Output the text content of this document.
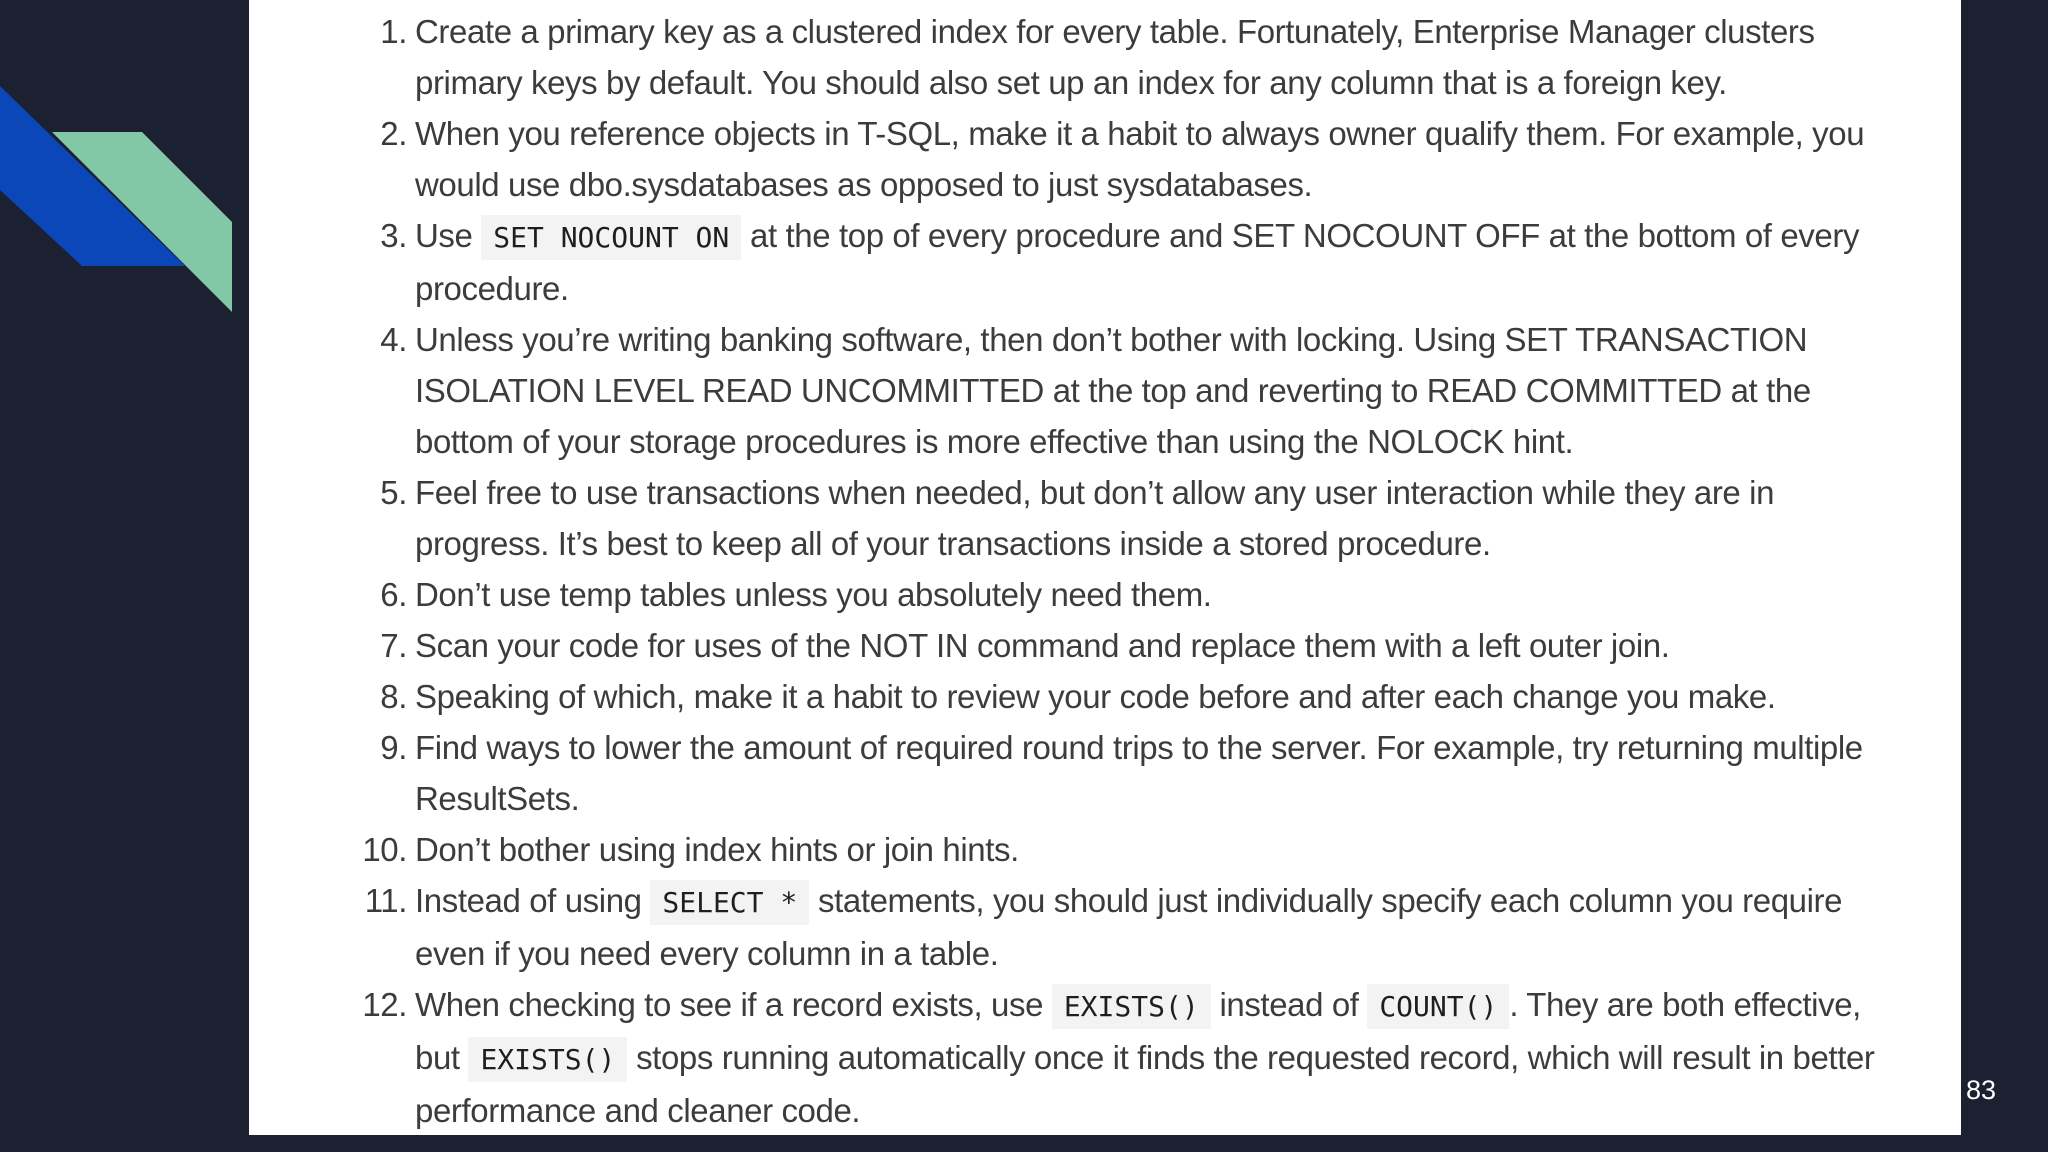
1. Create a primary key as a clustered index for every table. Fortunately, Enterprise Manager clusters primary keys by default. You should also set up an index for any column that is a foreign key.
2. When you reference objects in T-SQL, make it a habit to always owner qualify them. For example, you would use dbo.sysdatabases as opposed to just sysdatabases.
3. Use SET NOCOUNT ON at the top of every procedure and SET NOCOUNT OFF at the bottom of every procedure.
4. Unless you’re writing banking software, then don’t bother with locking. Using SET TRANSACTION ISOLATION LEVEL READ UNCOMMITTED at the top and reverting to READ COMMITTED at the bottom of your storage procedures is more effective than using the NOLOCK hint.
5. Feel free to use transactions when needed, but don’t allow any user interaction while they are in progress. It’s best to keep all of your transactions inside a stored procedure.
6. Don’t use temp tables unless you absolutely need them.
7. Scan your code for uses of the NOT IN command and replace them with a left outer join.
8. Speaking of which, make it a habit to review your code before and after each change you make.
9. Find ways to lower the amount of required round trips to the server. For example, try returning multiple ResultSets.
10. Don’t bother using index hints or join hints.
11. Instead of using SELECT * statements, you should just individually specify each column you require even if you need every column in a table.
12. When checking to see if a record exists, use EXISTS() instead of COUNT() . They are both effective, but EXISTS() stops running automatically once it finds the requested record, which will result in better performance and cleaner code.
83
